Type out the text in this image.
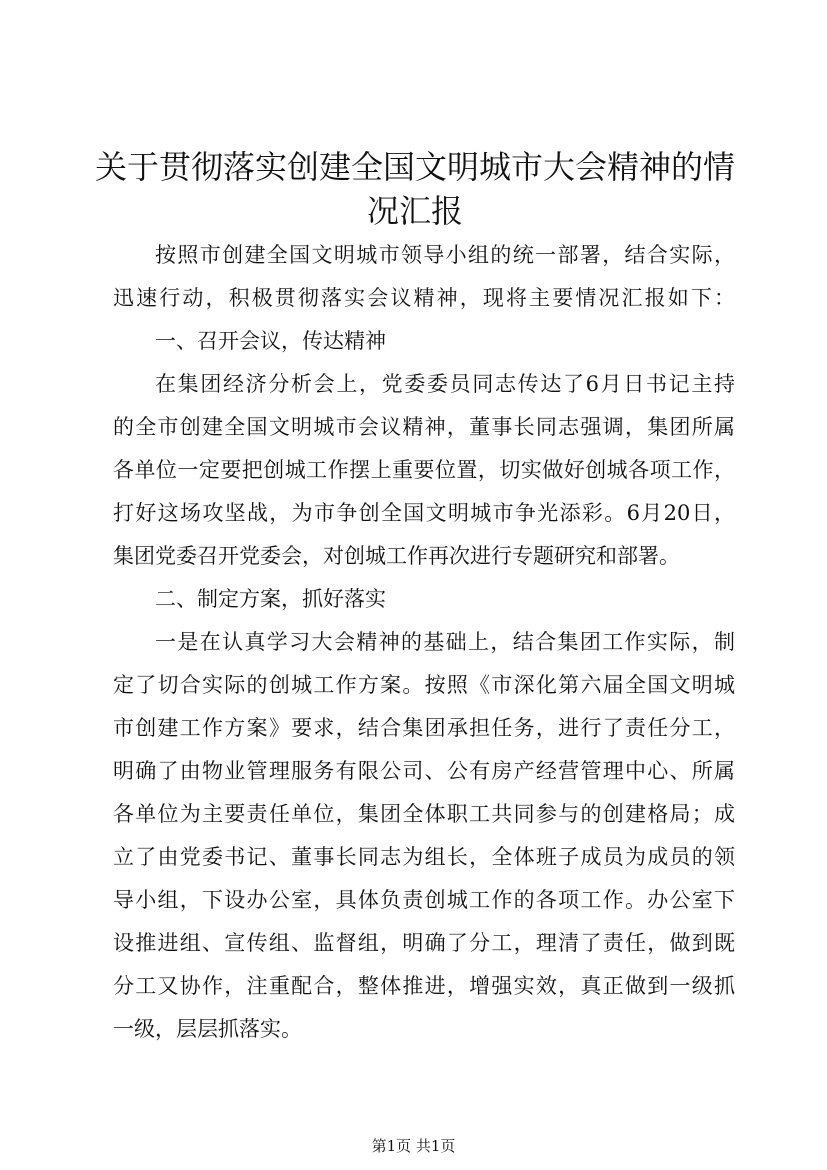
关于贯彻落实创建全国文明城市大会精神的情
况汇报
按照市创建全国文明城市领导小组的统一部署，结合实际，
迅速行动，积极贯彻落实会议精神，现将主要情况汇报如下：
一、召开会议，传达精神
在集团经济分析会上，党委委员同志传达了6月日书记主持
的全市创建全国文明城市会议精神，董事长同志强调，集团所属
各单位一定要把创城工作摆上重要位置，切实做好创城各项工作，
打好这场攻坚战，为市争创全国文明城市争光添彩。6月20日，
集团党委召开党委会，对创城工作再次进行专题研究和部署。
二、制定方案，抓好落实
一是在认真学习大会精神的基础上，结合集团工作实际，制
定了切合实际的创城工作方案。按照《市深化第六届全国文明城
市创建工作方案》要求，结合集团承担任务，进行了责任分工，
明确了由物业管理服务有限公司、公有房产经营管理中心、所属
各单位为主要责任单位，集团全体职工共同参与的创建格局；成
立了由党委书记、董事长同志为组长，全体班子成员为成员的领
导小组，下设办公室，具体负责创城工作的各项工作。办公室下
设推进组、宣传组、监督组，明确了分工，理清了责任，做到既
分工又协作，注重配合，整体推进，增强实效，真正做到一级抓
一级，层层抓落实。
第1页 共1页
